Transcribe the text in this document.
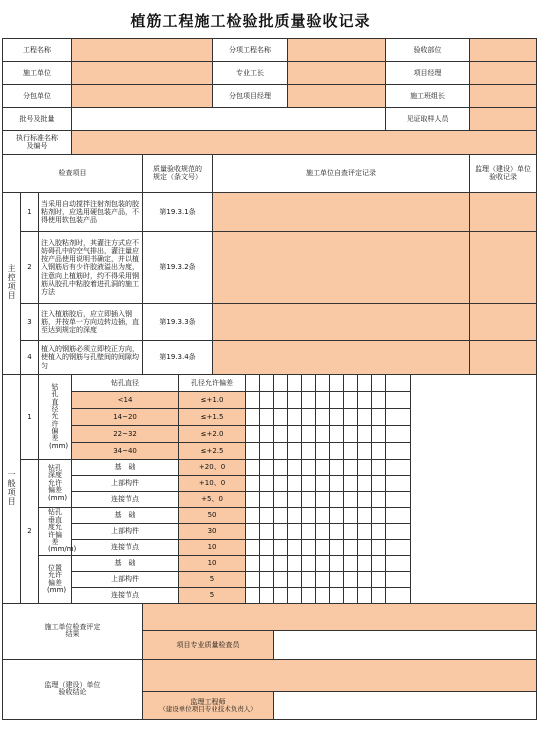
植筋工程施工检验批质量验收记录
工程名称						分项工程名称											验收部位			
施工单位						专业工长											项目经理			
分包单位						分包项目经理											施工班组长			
批号及批量																	见证取样人员			
执行标准名称及编号																				
检查项目				质量验收规范的规定（条文号）		施工单位自查评定记录													监理（建设）单位验收记录	
主控项目	1	当采用自动搅拌注射剂包装的胶粘剂时，应选用硬包装产品，不得使用软包装产品		第19.3.1条																
	2	注入胶粘剂时，其灌注方式应不妨碍孔中的空气排出，灌注量应按产品使用说明书确定，并以植入钢筋后有少许胶液溢出为度，注意向上植筋时，约不得采用钢筋从胶孔中粘胶着进孔洞的施工方法		第19.3.2条																
	3	注入植筋胶后，应立即插入钢筋，并按单一方向边转边插，直至达到规定的深度		第19.3.3条																
	4	植入的钢筋必须立即校正方向，使植入的钢筋与孔壁间的间隙均匀		第19.3.4条																
一般项目	1	钻孔直径允许偏差(mm)	钻孔直径		孔径允许偏差															
			<14		≤+1.0															
			14~20		≤+1.5															
			22~32		≤+2.0															
			34~40		≤+2.5															
	2	钻孔深度允许偏差(mm)	基　础		+20、0															
			上部构件		+10、0															
			连接节点		+5、0															
		钻孔垂直度允许偏差(mm/m)	基　础		50															
			上部构件		30															
			连接节点		10															
		位置允许偏差(mm)	基　础		10															
			上部构件		5															
			连接节点		5															
施工单位检查评定结果																				
				项目专业质量检查员		
监理（建设）单位验收结论																				

				监理工程师
（建设单位项目专业技术负责人）
